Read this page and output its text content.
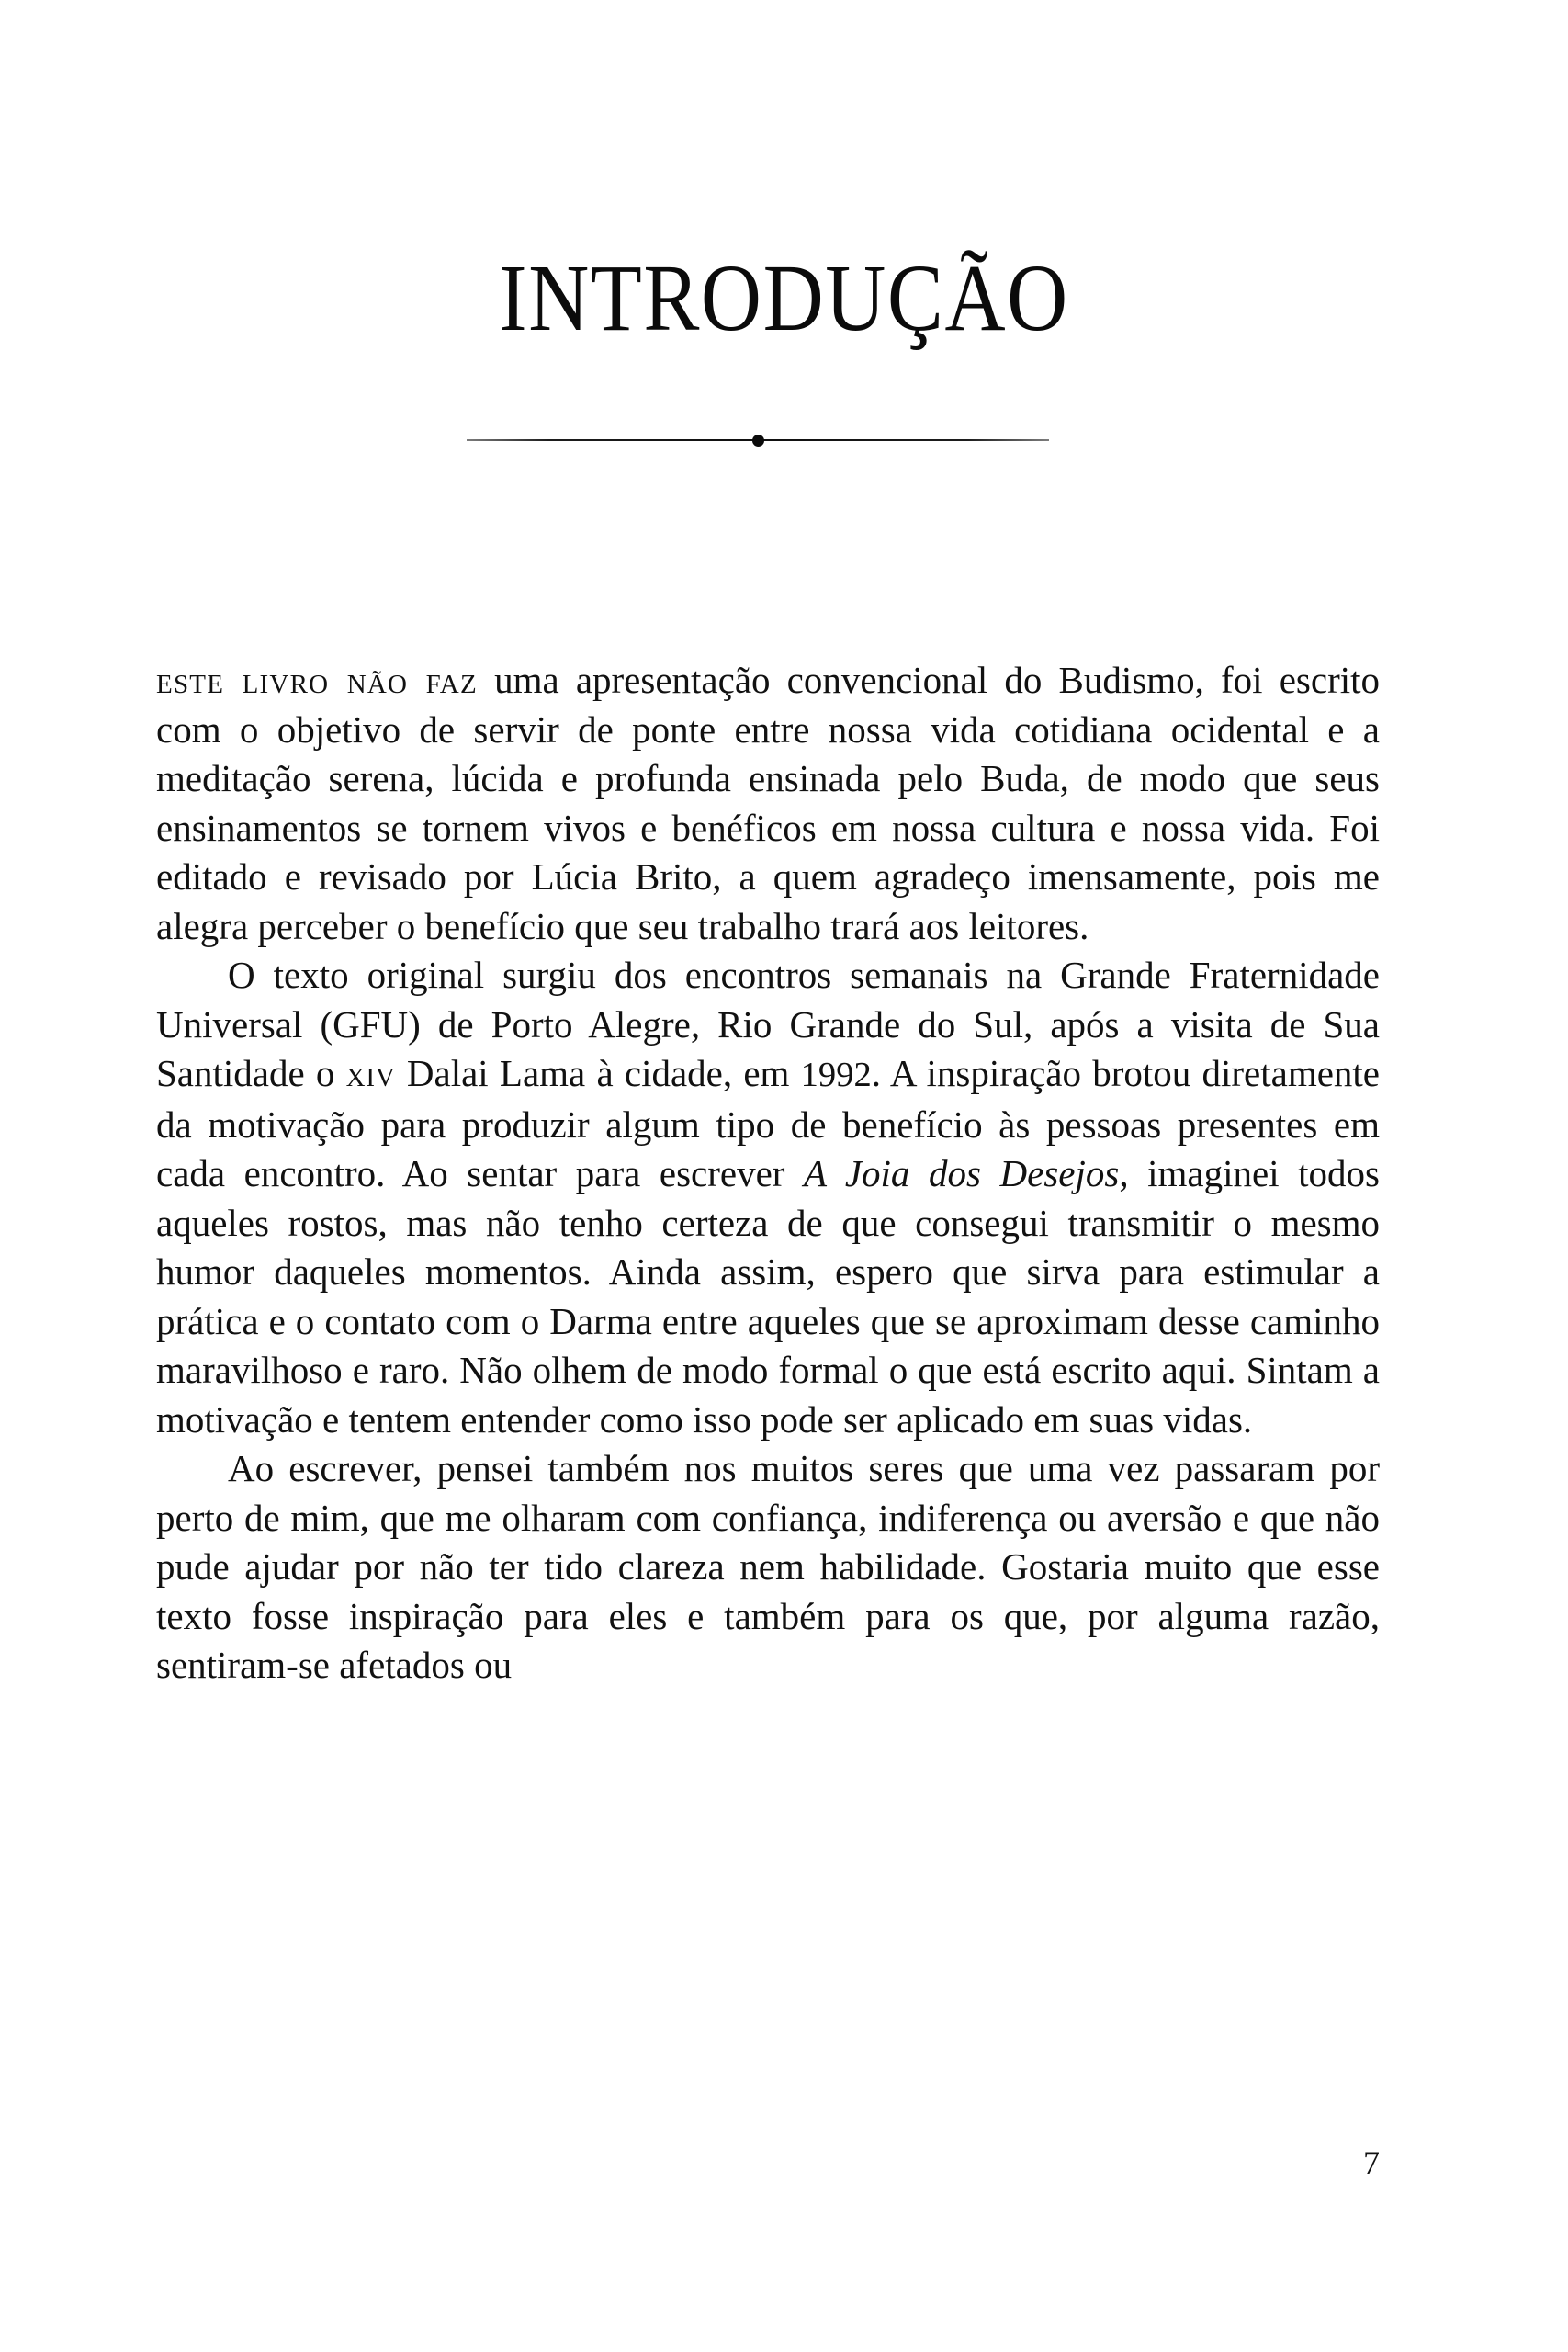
introdução

este livro não faz uma apresentação convencional do Budismo, foi escrito com o objetivo de servir de ponte entre nossa vida cotidiana ocidental e a meditação serena, lúcida e profunda ensinada pelo Buda, de modo que seus ensinamentos se tornem vivos e benéficos em nossa cultura e nossa vida. Foi editado e revisado por Lúcia Brito, a quem agradeço imensamente, pois me alegra perceber o benefício que seu trabalho trará aos leitores.

O texto original surgiu dos encontros semanais na Grande Fraternidade Universal (GFU) de Porto Alegre, Rio Grande do Sul, após a visita de Sua Santidade o xiv Dalai Lama à cidade, em 1992. A inspiração brotou diretamente da motivação para produzir algum tipo de benefício às pessoas presentes em cada encontro. Ao sentar para escrever A Joia dos Desejos, imaginei todos aqueles rostos, mas não tenho certeza de que consegui transmitir o mesmo humor daqueles momentos. Ainda assim, espero que sirva para estimular a prática e o contato com o Darma entre aqueles que se aproximam desse caminho maravilhoso e raro. Não olhem de modo formal o que está escrito aqui. Sintam a motivação e tentem entender como isso pode ser aplicado em suas vidas.

Ao escrever, pensei também nos muitos seres que uma vez passaram por perto de mim, que me olharam com confiança, indiferença ou aversão e que não pude ajudar por não ter tido clareza nem habilidade. Gostaria muito que esse texto fosse inspiração para eles e também para os que, por alguma razão, sentiram-se afetados ou

7
